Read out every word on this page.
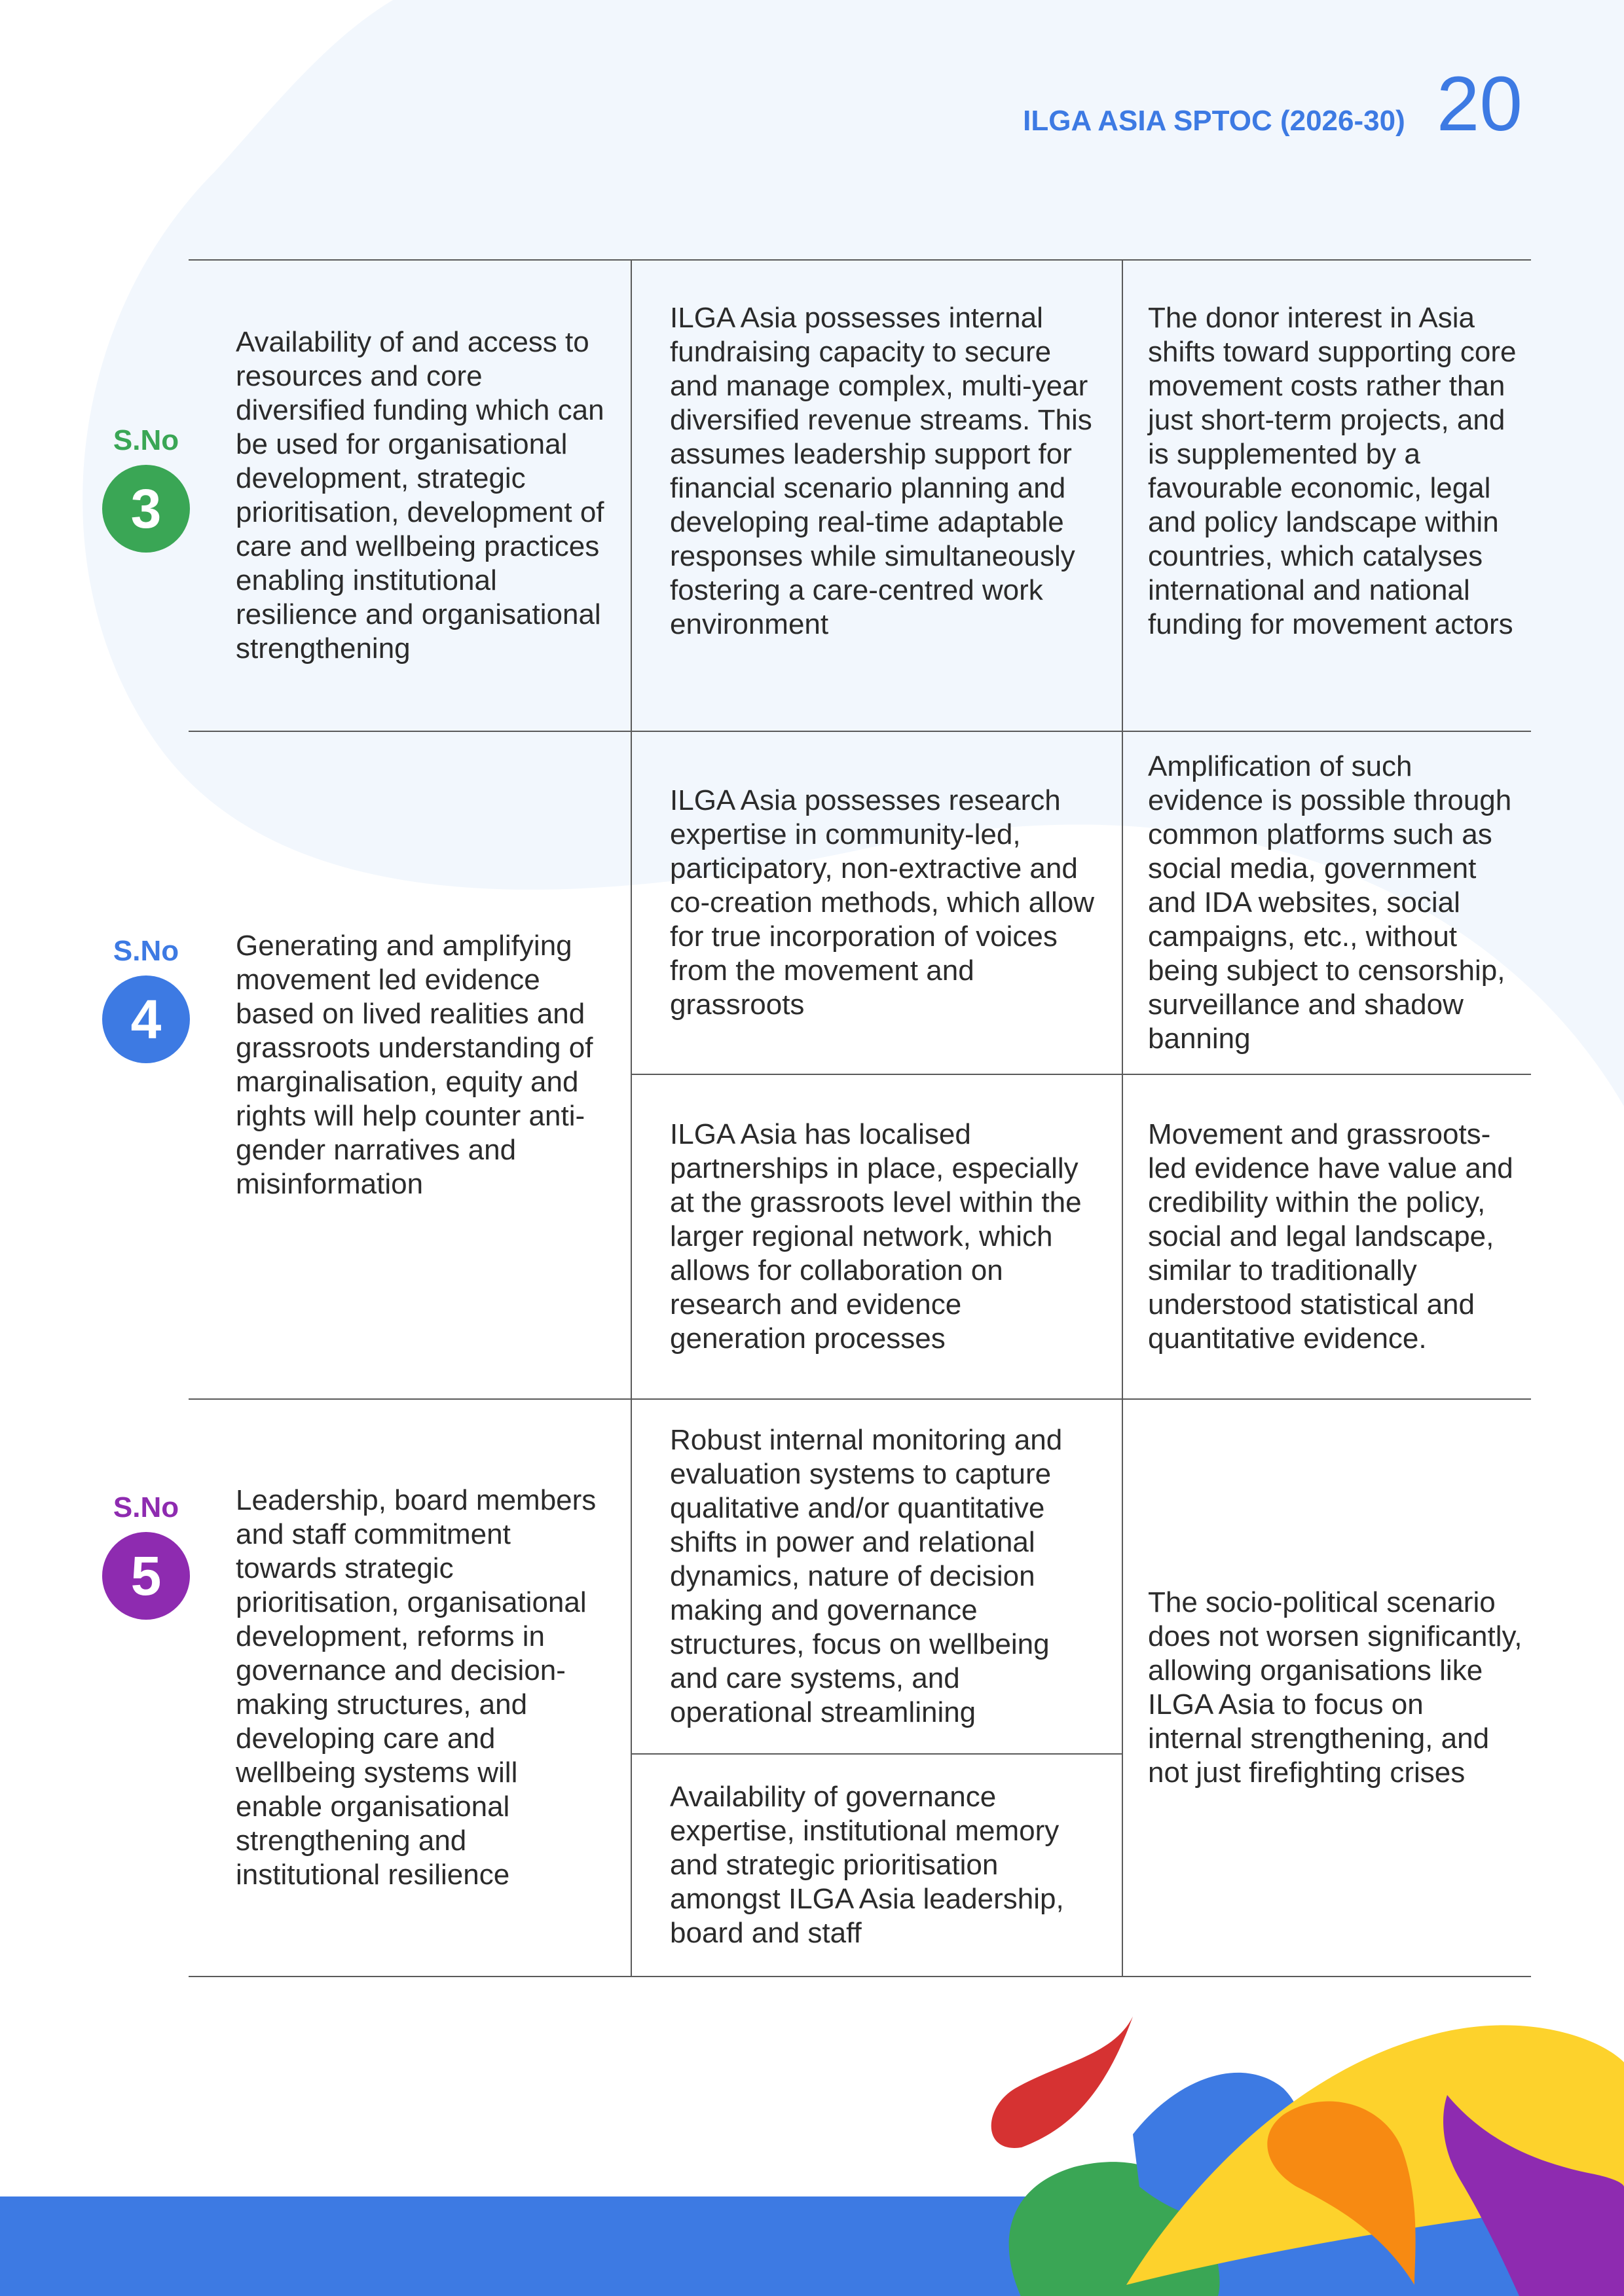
ILGA ASIA SPTOC (2026-30) 20
S.No
3
Availability of and access to resources and core diversified funding which can be used for organisational development, strategic prioritisation, development of care and wellbeing practices enabling institutional resilience and organisational strengthening
ILGA Asia possesses internal fundraising capacity to secure and manage complex, multi-year diversified revenue streams. This assumes leadership support for financial scenario planning and developing real-time adaptable responses while simultaneously fostering a care-centred work environment
The donor interest in Asia shifts toward supporting core movement costs rather than just short-term projects, and is supplemented by a favourable economic, legal and policy landscape within countries, which catalyses international and national funding for movement actors
S.No
4
Generating and amplifying movement led evidence based on lived realities and grassroots understanding of marginalisation, equity and rights will help counter anti-gender narratives and misinformation
ILGA Asia possesses research expertise in community-led, participatory, non-extractive and co-creation methods, which allow for true incorporation of voices from the movement and grassroots
ILGA Asia has localised partnerships in place, especially at the grassroots level within the larger regional network, which allows for collaboration on research and evidence generation processes
Amplification of such evidence is possible through common platforms such as social media, government and IDA websites, social campaigns, etc., without being subject to censorship, surveillance and shadow banning
Movement and grassroots-led evidence have value and credibility within the policy, social and legal landscape, similar to traditionally understood statistical and quantitative evidence.
S.No
5
Leadership, board members and staff commitment towards strategic prioritisation, organisational development, reforms in governance and decision-making structures, and developing care and wellbeing systems will enable organisational strengthening and institutional resilience
Robust internal monitoring and evaluation systems to capture qualitative and/or quantitative shifts in power and relational dynamics, nature of decision making and governance structures, focus on wellbeing and care systems, and operational streamlining
Availability of governance expertise, institutional memory and strategic prioritisation amongst ILGA Asia leadership, board and staff
The socio-political scenario does not worsen significantly, allowing organisations like ILGA Asia to focus on internal strengthening, and not just firefighting crises
